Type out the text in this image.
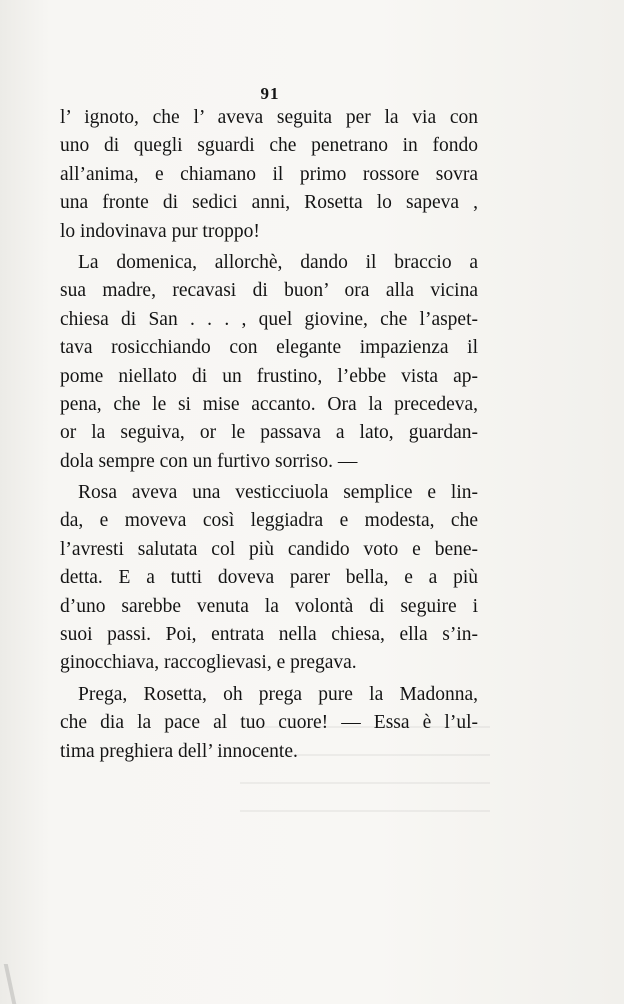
91
l’ ignoto, che l’ aveva seguita per la via con
uno di quegli sguardi che penetrano in fondo
all’anima, e chiamano il primo rossore sovra
una fronte di sedici anni, Rosetta lo sapeva ,
lo indovinava pur troppo!
La domenica, allorchè, dando il braccio a
sua madre, recavasi di buon’ ora alla vicina
chiesa di San . . . , quel giovine, che l’aspet-
tava rosicchiando con elegante impazienza il
pome niellato di un frustino, l’ebbe vista ap-
pena, che le si mise accanto. Ora la precedeva,
or la seguiva, or le passava a lato, guardan-
dola sempre con un furtivo sorriso. —
Rosa aveva una vesticciuola semplice e lin-
da, e moveva così leggiadra e modesta, che
l’avresti salutata col più candido voto e bene-
detta. E a tutti doveva parer bella, e a più
d’uno sarebbe venuta la volontà di seguire i
suoi passi. Poi, entrata nella chiesa, ella s’in-
ginocchiava, raccoglievasi, e pregava.
Prega, Rosetta, oh prega pure la Madonna,
che dia la pace al tuo cuore! — Essa è l’ul-
tima preghiera dell’ innocente.
